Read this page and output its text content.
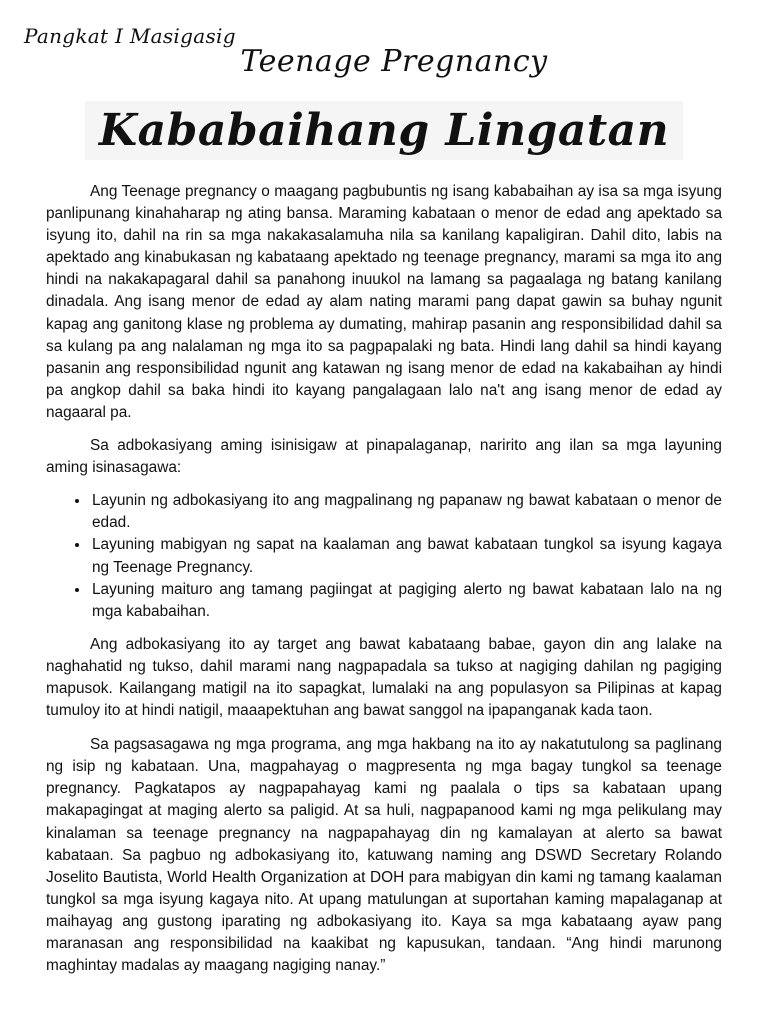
Pangkat I Masigasig
Teenage Pregnancy
Kababaihang Lingatan

Ang Teenage pregnancy o maagang pagbubuntis ng isang kababaihan ay isa sa mga isyung panlipunang kinahaharap ng ating bansa. Maraming kabataan o menor de edad ang apektado sa isyung ito, dahil na rin sa mga nakakasalamuha nila sa kanilang kapaligiran. Dahil dito, labis na apektado ang kinabukasan ng kabataang apektado ng teenage pregnancy, marami sa mga ito ang hindi na nakakapagaral dahil sa panahong inuukol na lamang sa pagaalaga ng batang kanilang dinadala. Ang isang menor de edad ay alam nating marami pang dapat gawin sa buhay ngunit kapag ang ganitong klase ng problema ay dumating, mahirap pasanin ang responsibilidad dahil sa sa kulang pa ang nalalaman ng mga ito sa pagpapalaki ng bata. Hindi lang dahil sa hindi kayang pasanin ang responsibilidad ngunit ang katawan ng isang menor de edad na kakabaihan ay hindi pa angkop dahil sa baka hindi ito kayang pangalagaan lalo na't ang isang menor de edad ay nagaaral pa.

Sa adbokasiyang aming isinisigaw at pinapalaganap, naririto ang ilan sa mga layuning aming isinasagawa:

• Layunin ng adbokasiyang ito ang magpalinang ng papanaw ng bawat kabataan o menor de edad.
• Layuning mabigyan ng sapat na kaalaman ang bawat kabataan tungkol sa isyung kagaya ng Teenage Pregnancy.
• Layuning maituro ang tamang pagiingat at pagiging alerto ng bawat kabataan lalo na ng mga kababaihan.

Ang adbokasiyang ito ay target ang bawat kabataang babae, gayon din ang lalake na naghahatid ng tukso, dahil marami nang nagpapadala sa tukso at nagiging dahilan ng pagiging mapusok. Kailangang matigil na ito sapagkat, lumalaki na ang populasyon sa Pilipinas at kapag tumuloy ito at hindi natigil, maaapektuhan ang bawat sanggol na ipapanganak kada taon.

Sa pagsasagawa ng mga programa, ang mga hakbang na ito ay nakatutulong sa paglinang ng isip ng kabataan. Una, magpahayag o magpresenta ng mga bagay tungkol sa teenage pregnancy. Pagkatapos ay nagpapahayag kami ng paalala o tips sa kabataan upang makapagingat at maging alerto sa paligid. At sa huli, nagpapanood kami ng mga pelikulang may kinalaman sa teenage pregnancy na nagpapahayag din ng kamalayan at alerto sa bawat kabataan. Sa pagbuo ng adbokasiyang ito, katuwang naming ang DSWD Secretary Rolando Joselito Bautista, World Health Organization at DOH para mabigyan din kami ng tamang kaalaman tungkol sa mga isyung kagaya nito. At upang matulungan at suportahan kaming mapalaganap at maihayag ang gustong iparating ng adbokasiyang ito. Kaya sa mga kabataang ayaw pang maranasan ang responsibilidad na kaakibat ng kapusukan, tandaan. “Ang hindi marunong maghintay madalas ay maagang nagiging nanay.”
